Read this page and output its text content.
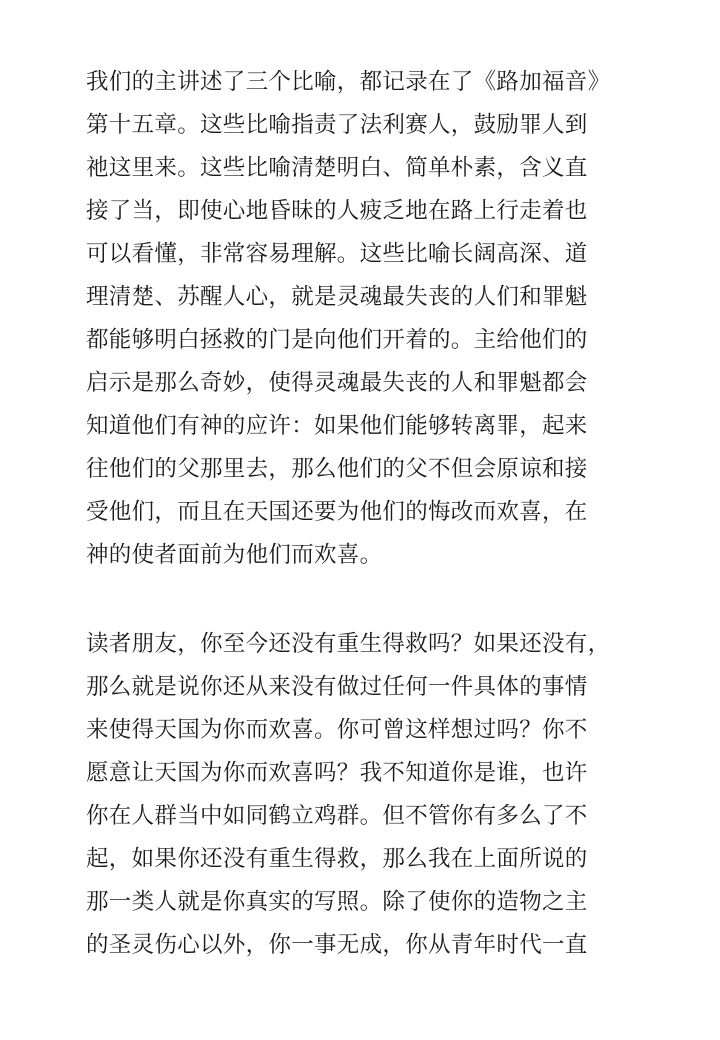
我们的主讲述了三个比喻，都记录在了《路加福音》
第十五章。这些比喻指责了法利赛人，鼓励罪人到
祂这里来。这些比喻清楚明白、简单朴素，含义直
接了当，即使心地昏昧的人疲乏地在路上行走着也
可以看懂，非常容易理解。这些比喻长阔高深、道
理清楚、苏醒人心，就是灵魂最失丧的人们和罪魁
都能够明白拯救的门是向他们开着的。主给他们的
启示是那么奇妙，使得灵魂最失丧的人和罪魁都会
知道他们有神的应许：如果他们能够转离罪，起来
往他们的父那里去，那么他们的父不但会原谅和接
受他们，而且在天国还要为他们的悔改而欢喜，在
神的使者面前为他们而欢喜。
读者朋友，你至今还没有重生得救吗？如果还没有，
那么就是说你还从来没有做过任何一件具体的事情
来使得天国为你而欢喜。你可曾这样想过吗？你不
愿意让天国为你而欢喜吗？我不知道你是谁，也许
你在人群当中如同鹤立鸡群。但不管你有多么了不
起，如果你还没有重生得救，那么我在上面所说的
那一类人就是你真实的写照。除了使你的造物之主
的圣灵伤心以外，你一事无成，你从青年时代一直
